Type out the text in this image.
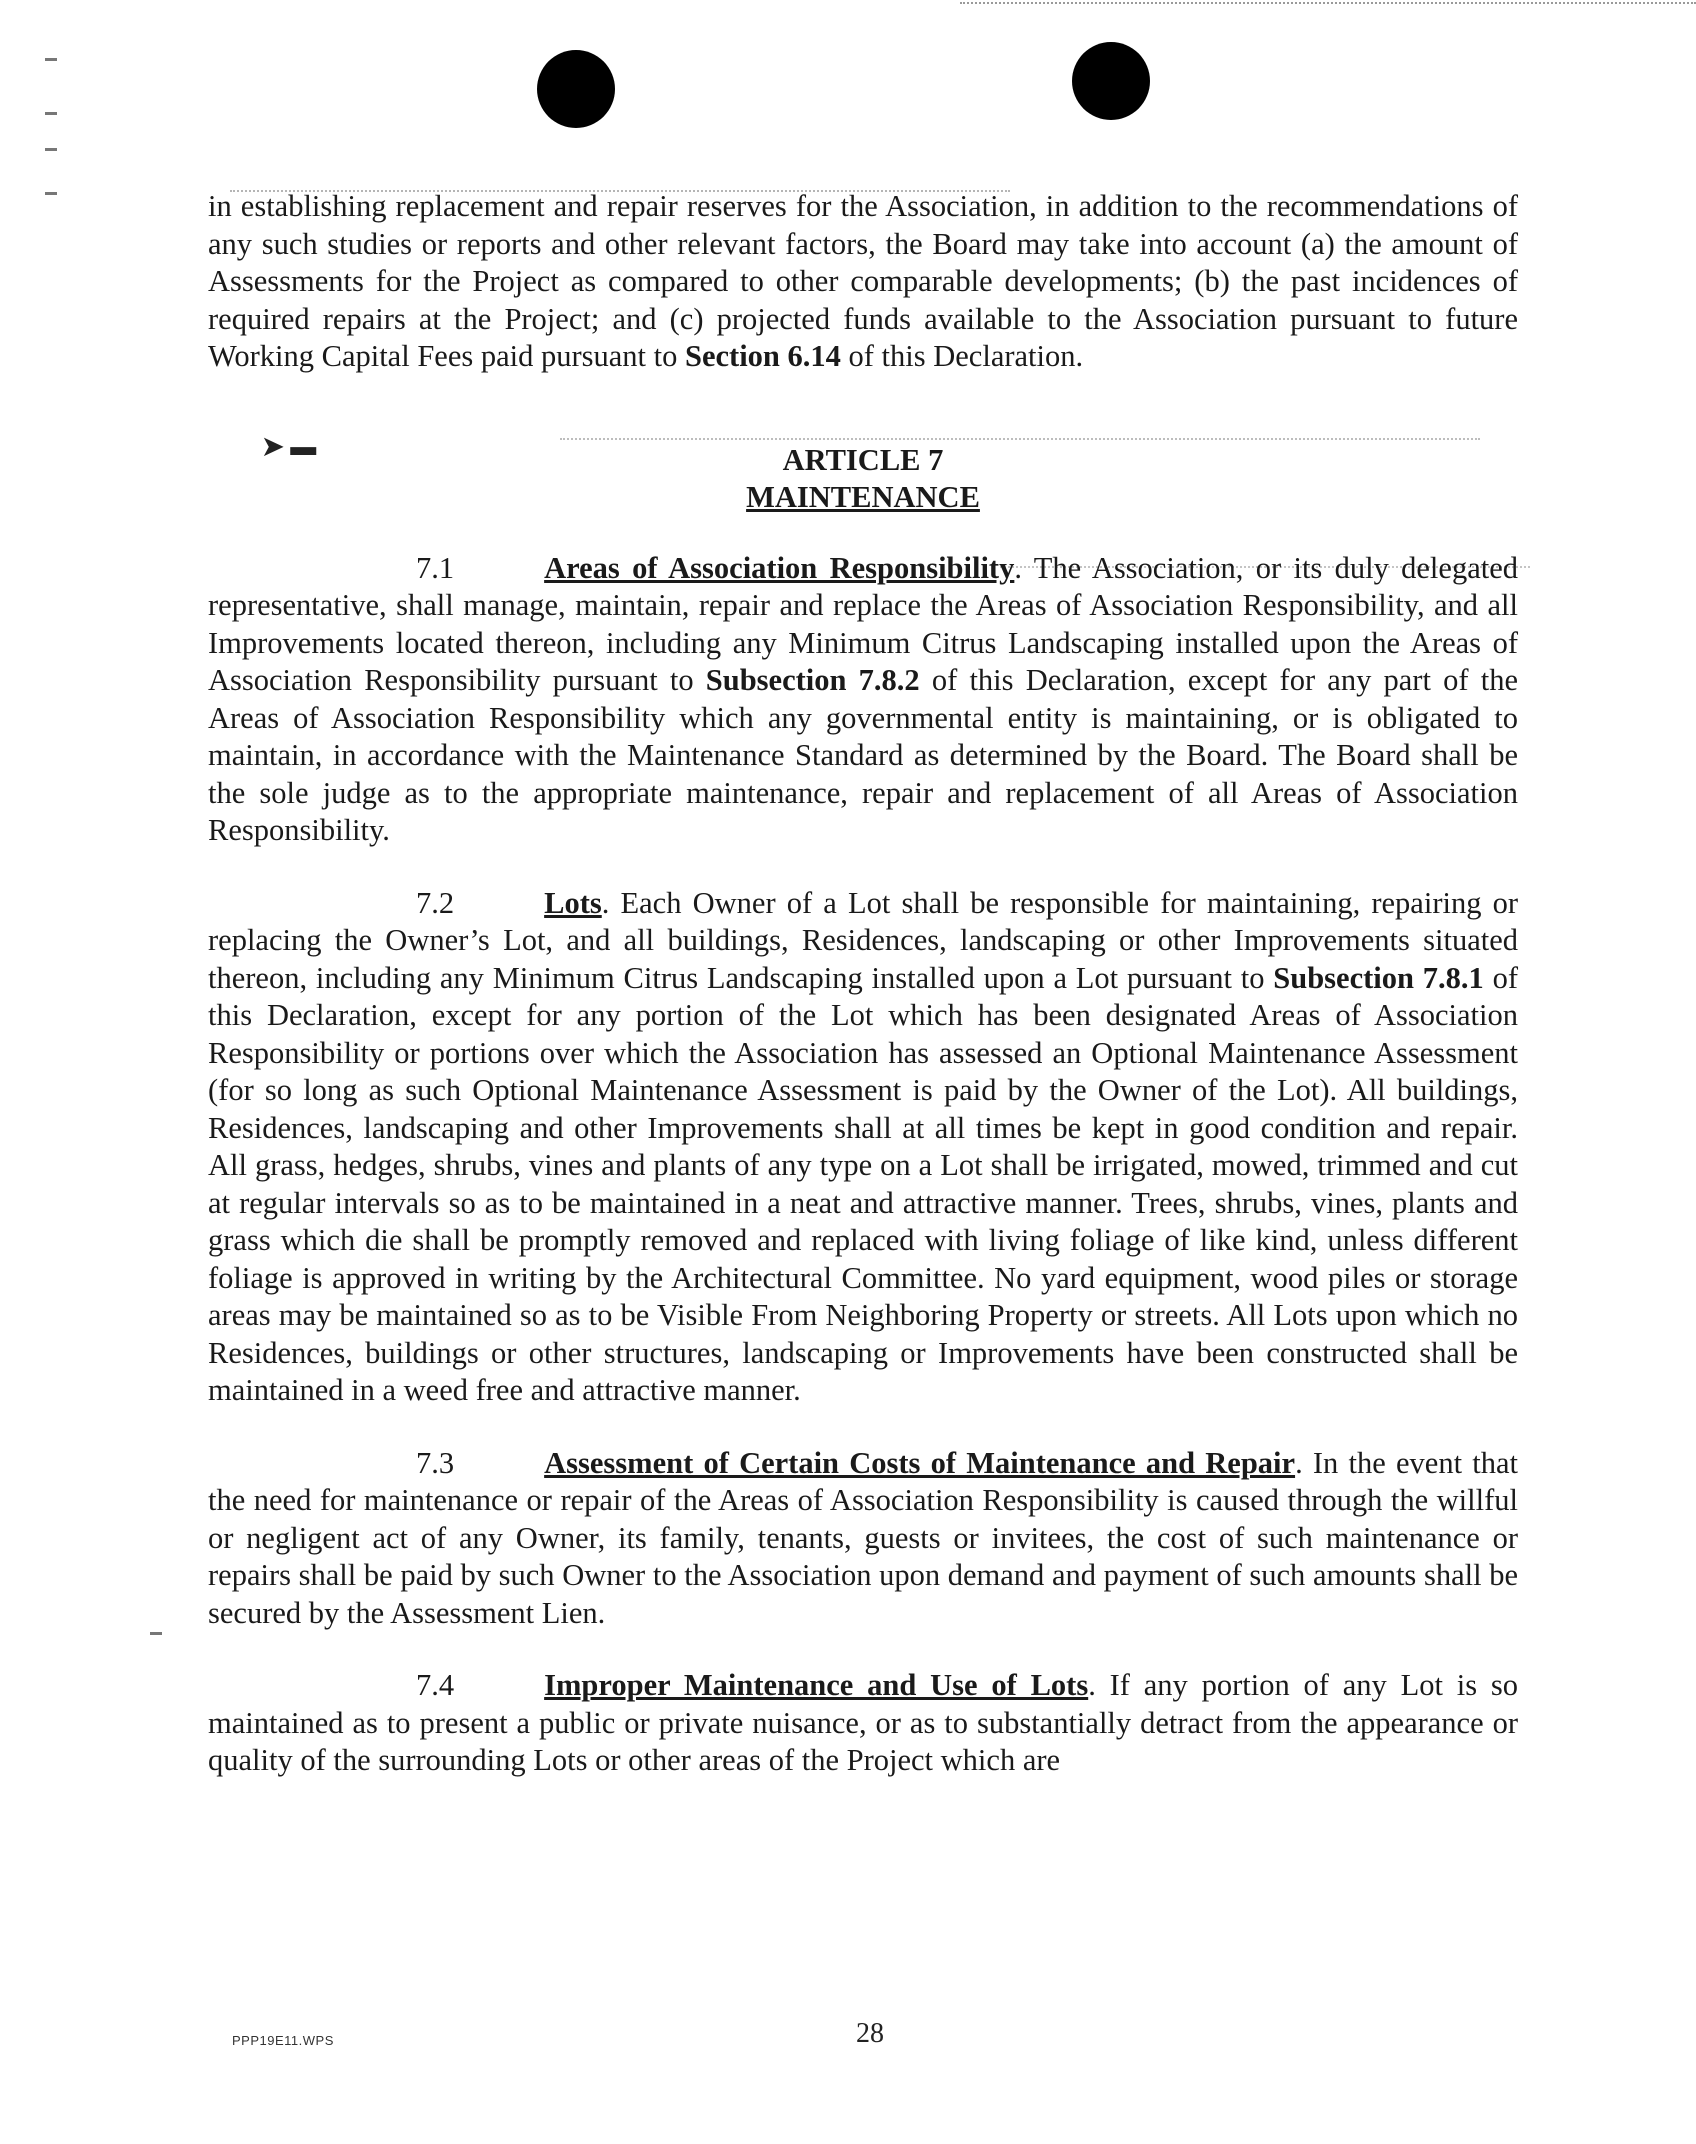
➤ ▬

in establishing replacement and repair reserves for the Association, in addition to the recommendations of any such studies or reports and other relevant factors, the Board may take into account (a) the amount of Assessments for the Project as compared to other comparable developments; (b) the past incidences of required repairs at the Project; and (c) projected funds available to the Association pursuant to future Working Capital Fees paid pursuant to Section 6.14 of this Declaration.

ARTICLE 7
MAINTENANCE

7.1	Areas of Association Responsibility. The Association, or its duly delegated representative, shall manage, maintain, repair and replace the Areas of Association Responsibility, and all Improvements located thereon, including any Minimum Citrus Landscaping installed upon the Areas of Association Responsibility pursuant to Subsection 7.8.2 of this Declaration, except for any part of the Areas of Association Responsibility which any governmental entity is maintaining, or is obligated to maintain, in accordance with the Maintenance Standard as determined by the Board. The Board shall be the sole judge as to the appropriate maintenance, repair and replacement of all Areas of Association Responsibility.

7.2	Lots. Each Owner of a Lot shall be responsible for maintaining, repairing or replacing the Owner’s Lot, and all buildings, Residences, landscaping or other Improvements situated thereon, including any Minimum Citrus Landscaping installed upon a Lot pursuant to Subsection 7.8.1 of this Declaration, except for any portion of the Lot which has been designated Areas of Association Responsibility or portions over which the Association has assessed an Optional Maintenance Assessment (for so long as such Optional Maintenance Assessment is paid by the Owner of the Lot). All buildings, Residences, landscaping and other Improvements shall at all times be kept in good condition and repair. All grass, hedges, shrubs, vines and plants of any type on a Lot shall be irrigated, mowed, trimmed and cut at regular intervals so as to be maintained in a neat and attractive manner. Trees, shrubs, vines, plants and grass which die shall be promptly removed and replaced with living foliage of like kind, unless different foliage is approved in writing by the Architectural Committee. No yard equipment, wood piles or storage areas may be maintained so as to be Visible From Neighboring Property or streets. All Lots upon which no Residences, buildings or other structures, landscaping or Improvements have been constructed shall be maintained in a weed free and attractive manner.

7.3	Assessment of Certain Costs of Maintenance and Repair. In the event that the need for maintenance or repair of the Areas of Association Responsibility is caused through the willful or negligent act of any Owner, its family, tenants, guests or invitees, the cost of such maintenance or repairs shall be paid by such Owner to the Association upon demand and payment of such amounts shall be secured by the Assessment Lien.

7.4	Improper Maintenance and Use of Lots. If any portion of any Lot is so maintained as to present a public or private nuisance, or as to substantially detract from the appearance or quality of the surrounding Lots or other areas of the Project which are

PPP19E11.WPS	28
